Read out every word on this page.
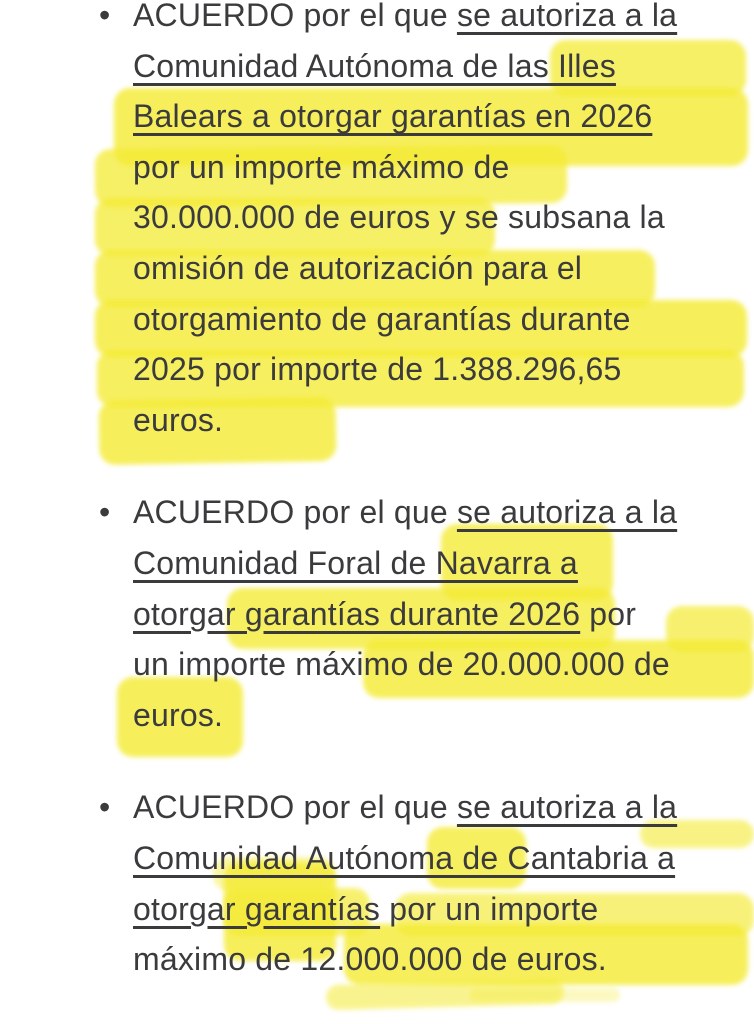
• ACUERDO por el que se autoriza a la
Comunidad Autónoma de las Illes
Balears a otorgar garantías en 2026
por un importe máximo de
30.000.000 de euros y se subsana la
omisión de autorización para el
otorgamiento de garantías durante
2025 por importe de 1.388.296,65
euros.
• ACUERDO por el que se autoriza a la
Comunidad Foral de Navarra a
otorgar garantías durante 2026 por
un importe máximo de 20.000.000 de
euros.
• ACUERDO por el que se autoriza a la
Comunidad Autónoma de Cantabria a
otorgar garantías por un importe
máximo de 12.000.000 de euros.
